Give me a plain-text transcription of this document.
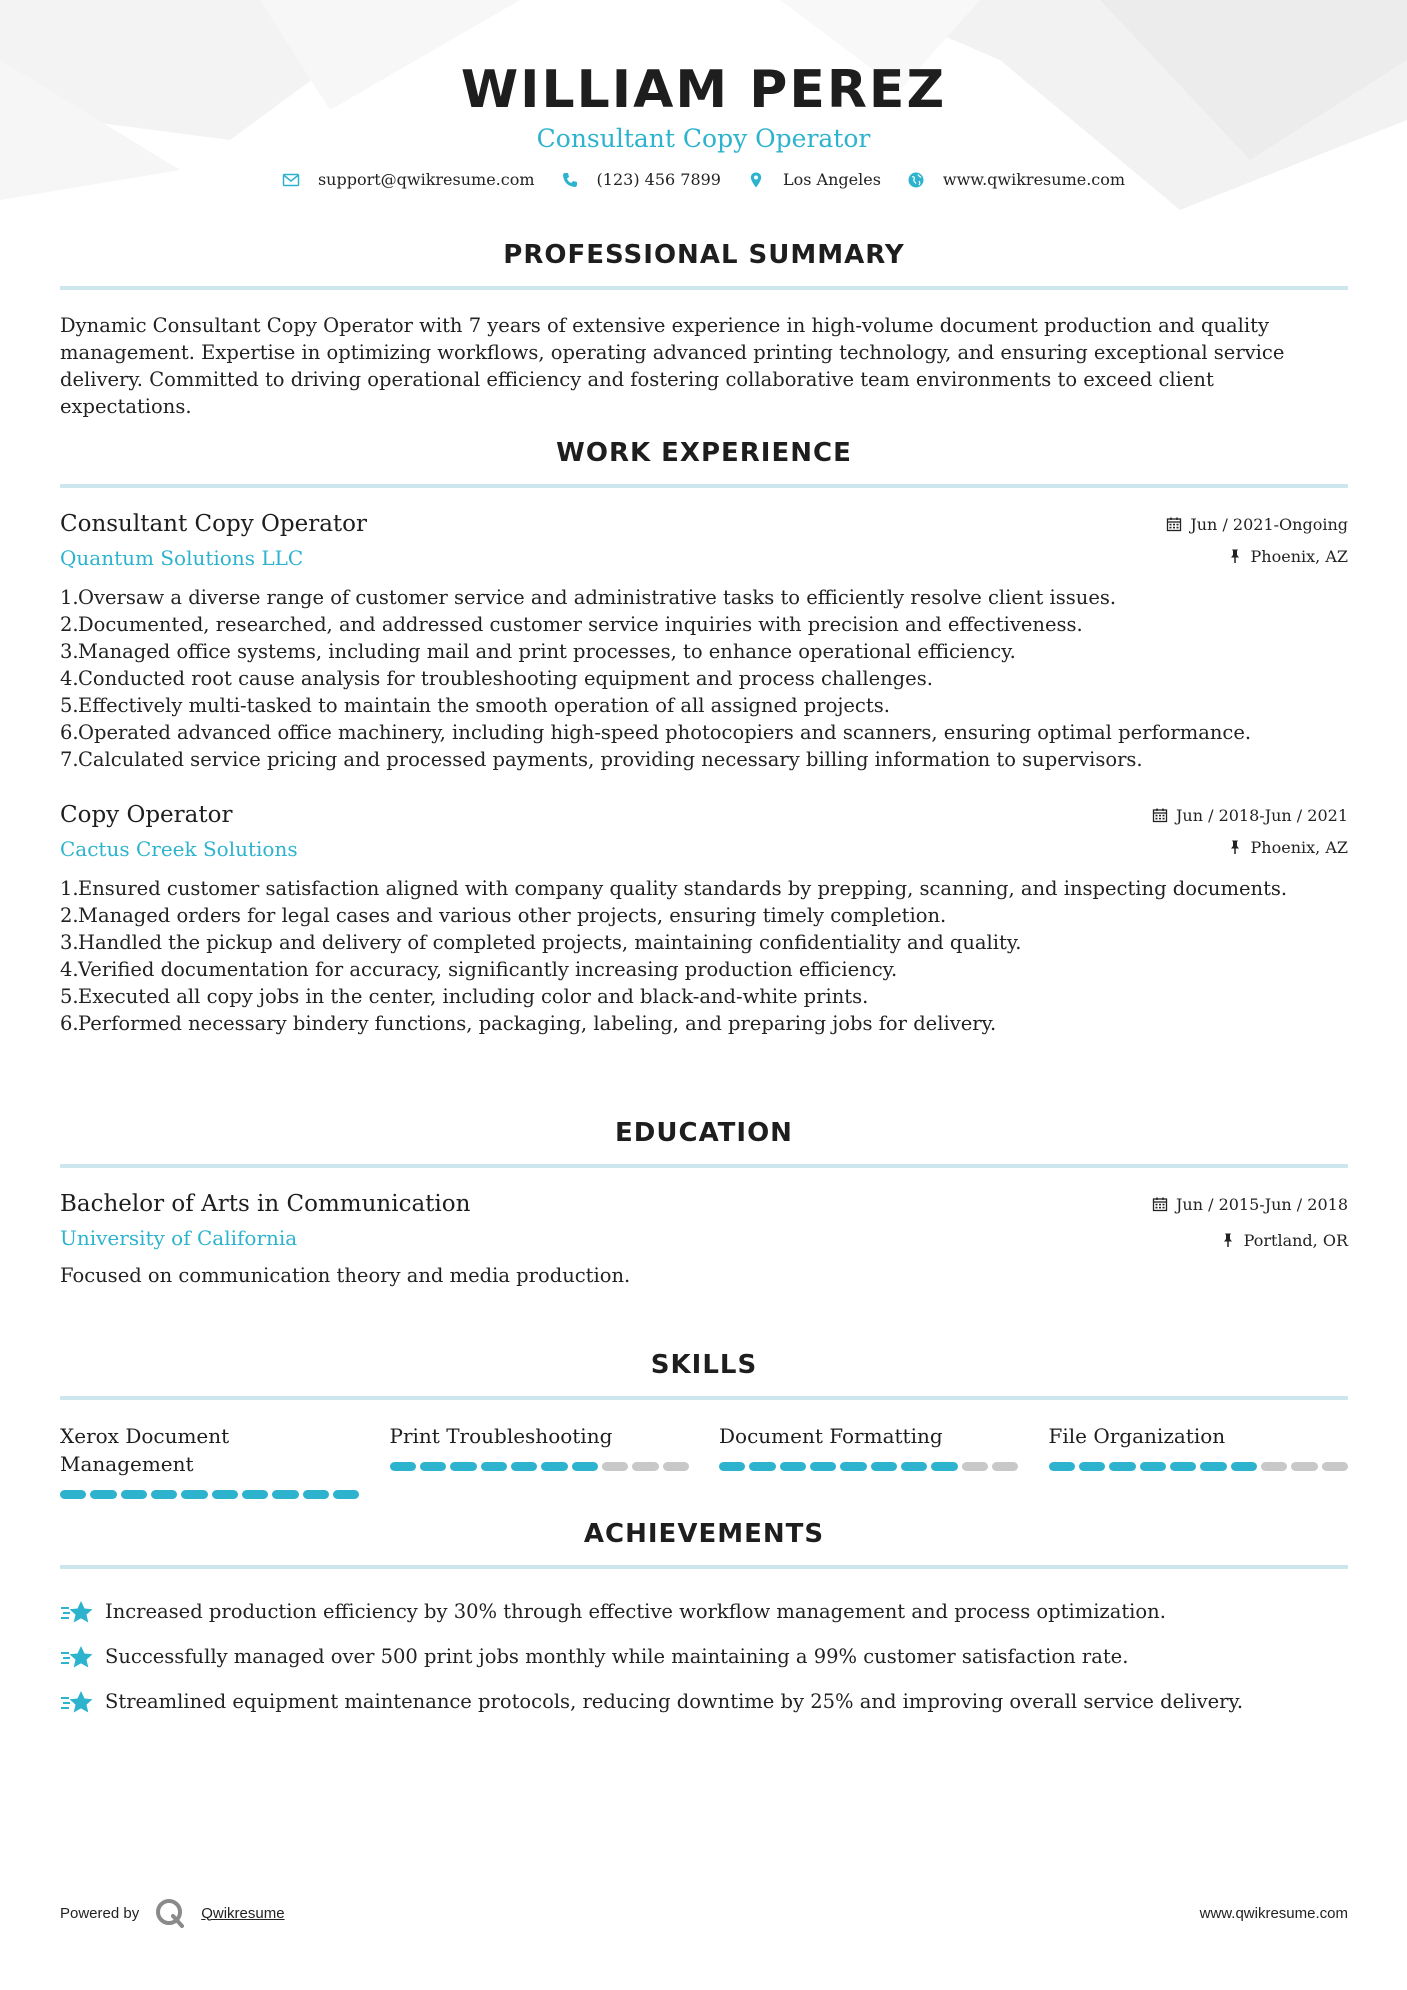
WILLIAM PEREZ
Consultant Copy Operator
support@qwikresume.com	(123) 456 7899	Los Angeles	www.qwikresume.com
PROFESSIONAL SUMMARY
Dynamic Consultant Copy Operator with 7 years of extensive experience in high-volume document production and quality management. Expertise in optimizing workflows, operating advanced printing technology, and ensuring exceptional service delivery. Committed to driving operational efficiency and fostering collaborative team environments to exceed client expectations.
WORK EXPERIENCE
Consultant Copy Operator
Quantum Solutions LLC
Jun / 2021-Ongoing
Phoenix, AZ
1.Oversaw a diverse range of customer service and administrative tasks to efficiently resolve client issues.
2.Documented, researched, and addressed customer service inquiries with precision and effectiveness.
3.Managed office systems, including mail and print processes, to enhance operational efficiency.
4.Conducted root cause analysis for troubleshooting equipment and process challenges.
5.Effectively multi-tasked to maintain the smooth operation of all assigned projects.
6.Operated advanced office machinery, including high-speed photocopiers and scanners, ensuring optimal performance.
7.Calculated service pricing and processed payments, providing necessary billing information to supervisors.
Copy Operator
Cactus Creek Solutions
Jun / 2018-Jun / 2021
Phoenix, AZ
1.Ensured customer satisfaction aligned with company quality standards by prepping, scanning, and inspecting documents.
2.Managed orders for legal cases and various other projects, ensuring timely completion.
3.Handled the pickup and delivery of completed projects, maintaining confidentiality and quality.
4.Verified documentation for accuracy, significantly increasing production efficiency.
5.Executed all copy jobs in the center, including color and black-and-white prints.
6.Performed necessary bindery functions, packaging, labeling, and preparing jobs for delivery.
EDUCATION
Bachelor of Arts in Communication
University of California
Jun / 2015-Jun / 2018
Portland, OR
Focused on communication theory and media production.
SKILLS
Xerox Document Management
Print Troubleshooting	Document Formatting	File Organization
ACHIEVEMENTS
Increased production efficiency by 30% through effective workflow management and process optimization.
Successfully managed over 500 print jobs monthly while maintaining a 99% customer satisfaction rate.
Streamlined equipment maintenance protocols, reducing downtime by 25% and improving overall service delivery.
Powered by	Qwikresume	www.qwikresume.com
